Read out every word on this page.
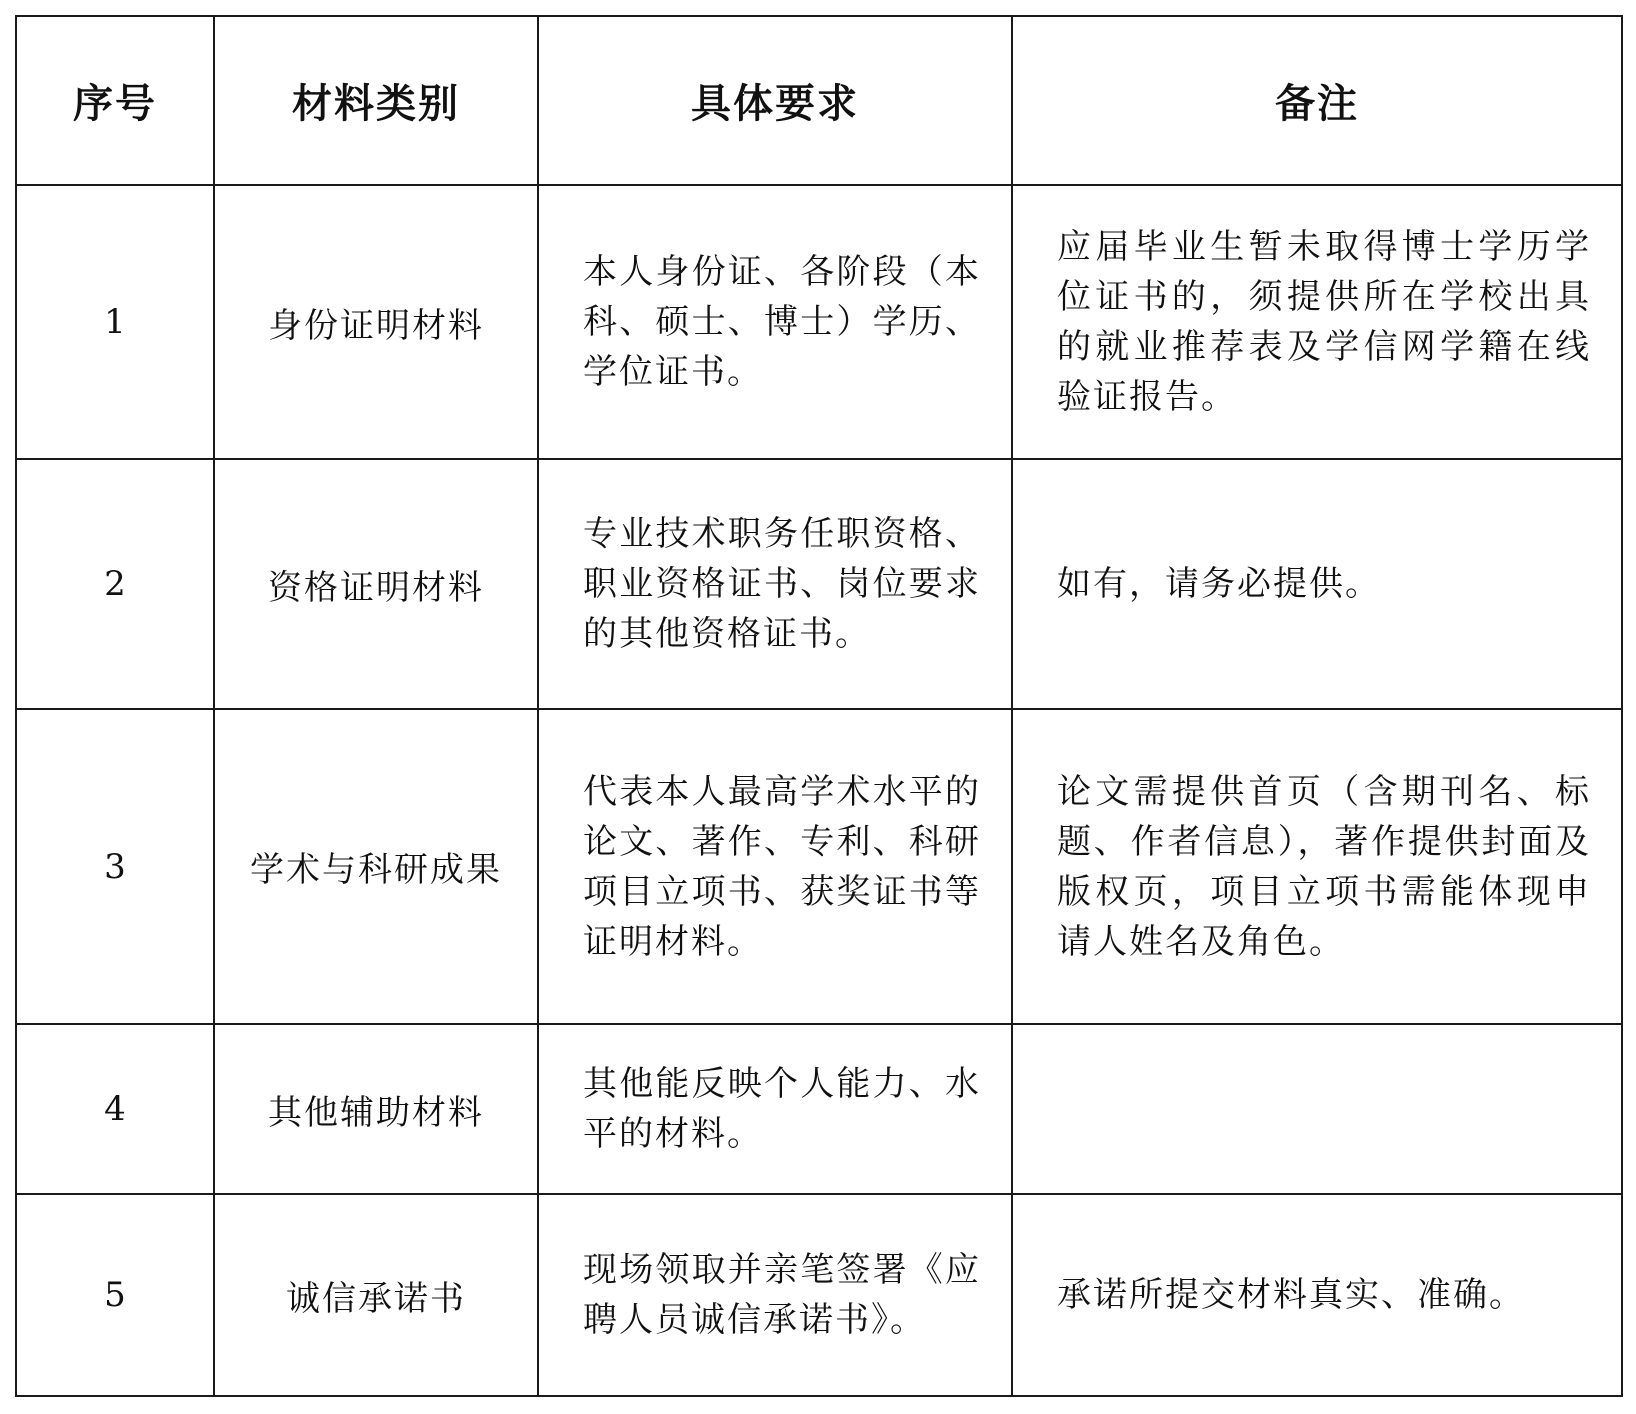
序号	材料类别	具体要求	备注
1	身份证明材料	本人身份证、各阶段（本科、硕士、博士）学历、学位证书。	应届毕业生暂未取得博士学历学位证书的，须提供所在学校出具的就业推荐表及学信网学籍在线验证报告。
2	资格证明材料	专业技术职务任职资格、职业资格证书、岗位要求的其他资格证书。	如有，请务必提供。
3	学术与科研成果	代表本人最高学术水平的论文、著作、专利、科研项目立项书、获奖证书等证明材料。	论文需提供首页（含期刊名、标题、作者信息），著作提供封面及版权页，项目立项书需能体现申请人姓名及角色。
4	其他辅助材料	其他能反映个人能力、水平的材料。	
5	诚信承诺书	现场领取并亲笔签署《应聘人员诚信承诺书》。	承诺所提交材料真实、准确。
